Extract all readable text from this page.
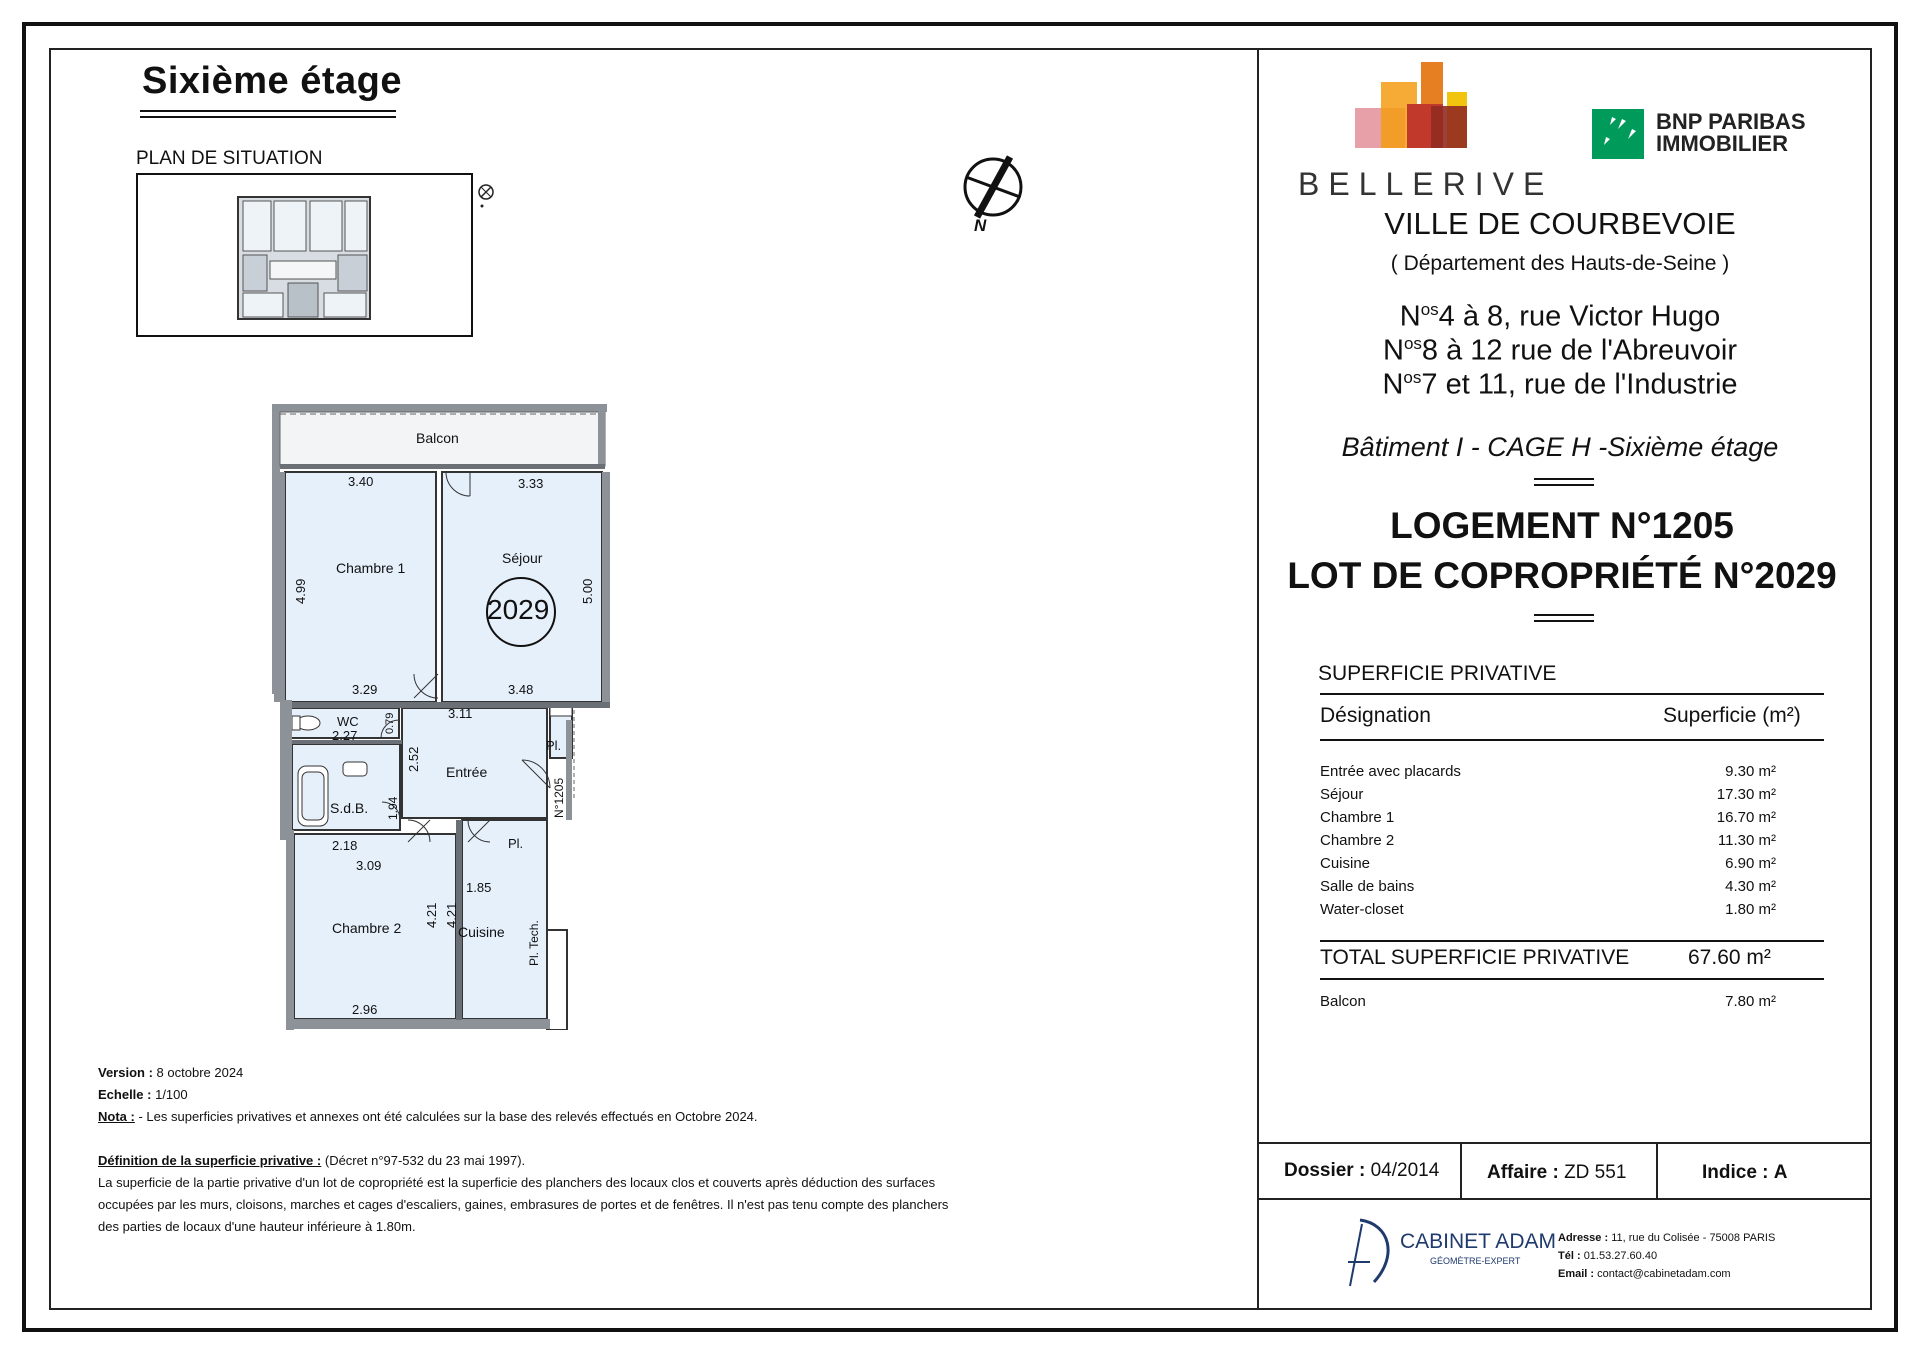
Sixième étage
PLAN DE SITUATION
N
Balcon
Chambre 1
Séjour
2029
WC
Entrée
S.d.B.
Chambre 2	Cuisine
Pl.
Pl.
Pl. Tech.
N°1205
3.40	3.33
4.99	5.00
3.29	3.48
3.11
2.27
0.79
2.52
1.94
2.18
3.09
1.85
4.21 4.21
2.96
Version : 8 octobre 2024
Echelle : 1/100
Nota : - Les superficies privatives et annexes ont été calculées sur la base des relevés effectués en Octobre 2024.
Définition de la superficie privative : (Décret n°97-532 du 23 mai 1997).
La superficie de la partie privative d'un lot de copropriété est la superficie des planchers des locaux clos et couverts après déduction des surfaces
occupées par les murs, cloisons, marches et cages d'escaliers, gaines, embrasures de portes et de fenêtres. Il n'est pas tenu compte des planchers
des parties de locaux d'une hauteur inférieure à 1.80m.
BELLERIVE
BNP PARIBAS
IMMOBILIER
VILLE DE COURBEVOIE
( Département des Hauts-de-Seine )
$N^{os}4$ à 8, rue Victor Hugo
$N^{os}8$ à 12 rue de l'Abreuvoir
$N^{os}7$ et 11, rue de l'Industrie
Bâtiment I - CAGE H -Sixième étage
LOGEMENT N°1205
LOT DE COPROPRIÉTÉ N°2029
SUPERFICIE PRIVATIVE
Désignation	Superficie (m²)
Entrée avec placards	9.30 m²
Séjour	17.30 m²
Chambre 1	16.70 m²
Chambre 2	11.30 m²
Cuisine	6.90 m²
Salle de bains	4.30 m²
Water-closet	1.80 m²
TOTAL SUPERFICIE PRIVATIVE	67.60 m²
Balcon	7.80 m²
Dossier : 04/2014	Affaire : ZD 551	Indice : A
CABINET ADAM
GÉOMÈTRE-EXPERT
Adresse : 11, rue du Colisée - 75008 PARIS
Tél : 01.53.27.60.40
Email : contact@cabinetadam.com
